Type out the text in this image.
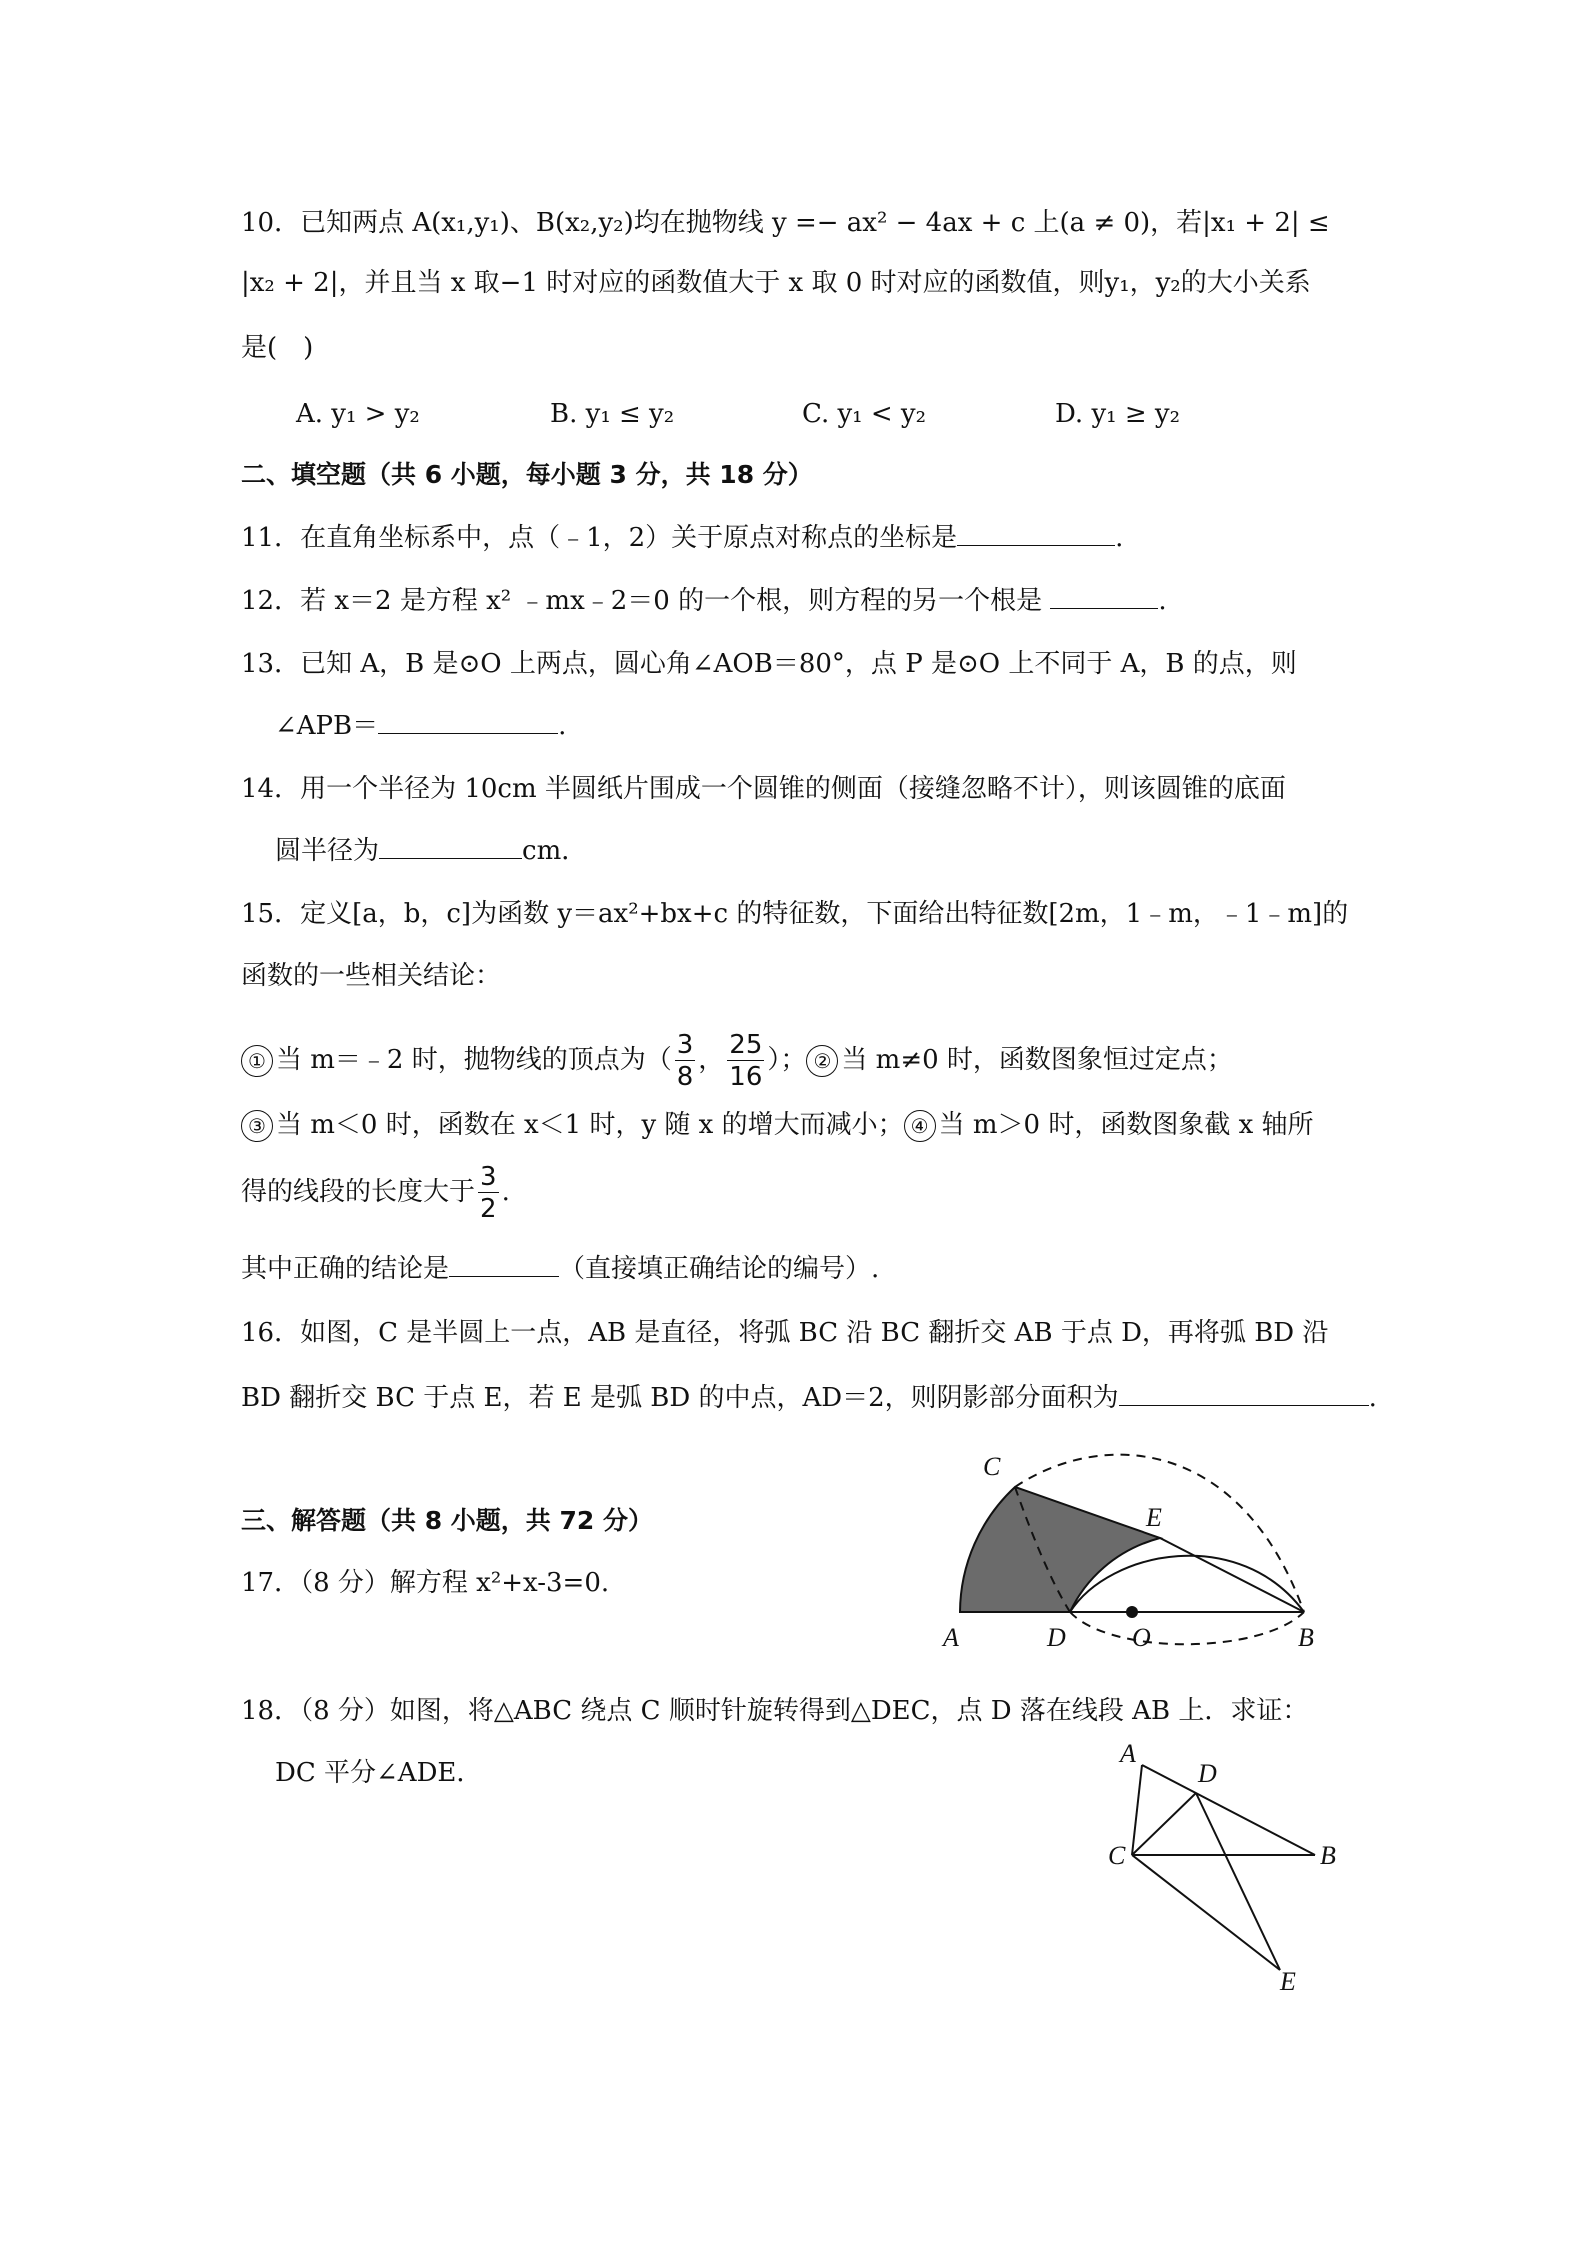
10．已知两点 A(x₁,y₁)、B(x₂,y₂)均在抛物线 y =− ax² − 4ax + c 上(a ≠ 0)，若|x₁ + 2| ≤
|x₂ + 2|，并且当 x 取−1 时对应的函数值大于 x 取 0 时对应的函数值，则y₁，y₂的大小关系
是(　)
A. y₁ > y₂	B. y₁ ≤ y₂	C. y₁ < y₂	D. y₁ ≥ y₂
二、填空题（共 6 小题，每小题 3 分，共 18 分）
11．在直角坐标系中，点（﹣1，2）关于原点对称点的坐标是	.
12．若 x＝2 是方程 x² ﹣mx﹣2＝0 的一个根，则方程的另一个根是	.
13．已知 A，B 是⊙O 上两点，圆心角∠AOB＝80°，点 P 是⊙O 上不同于 A，B 的点，则
∠APB＝	.
14．用一个半径为 10cm 半圆纸片围成一个圆锥的侧面（接缝忽略不计），则该圆锥的底面
圆半径为	cm．
15．定义[a，b，c]为函数 y＝ax²+bx+c 的特征数，下面给出特征数[2m，1﹣m，﹣1﹣m]的
函数的一些相关结论：
① 当 m＝﹣2 时，抛物线的顶点为（ $\frac{3}{8}$ ， $\frac{25}{16}$ ）； ② 当 m≠0 时，函数图象恒过定点；
③ 当 m＜0 时，函数在 x＜1 时，y 随 x 的增大而减小； ④ 当 m＞0 时，函数图象截 x 轴所
得的线段的长度大于 $\frac{3}{2}$ .
其中正确的结论是	（直接填正确结论的编号）.
16．如图，C 是半圆上一点，AB 是直径，将弧 BC 沿 BC 翻折交 AB 于点 D，再将弧 BD 沿
BD 翻折交 BC 于点 E，若 E 是弧 BD 的中点，AD＝2，则阴影部分面积为	.
C
E
A	D	O	B
三、解答题（共 8 小题，共 72 分）
17．（8 分）解方程 x²+x-3=0.
18．（8 分）如图，将△ABC 绕点 C 顺时针旋转得到△DEC，点 D 落在线段 AB 上．求证：
DC 平分∠ADE．
A
D
C	B
E
